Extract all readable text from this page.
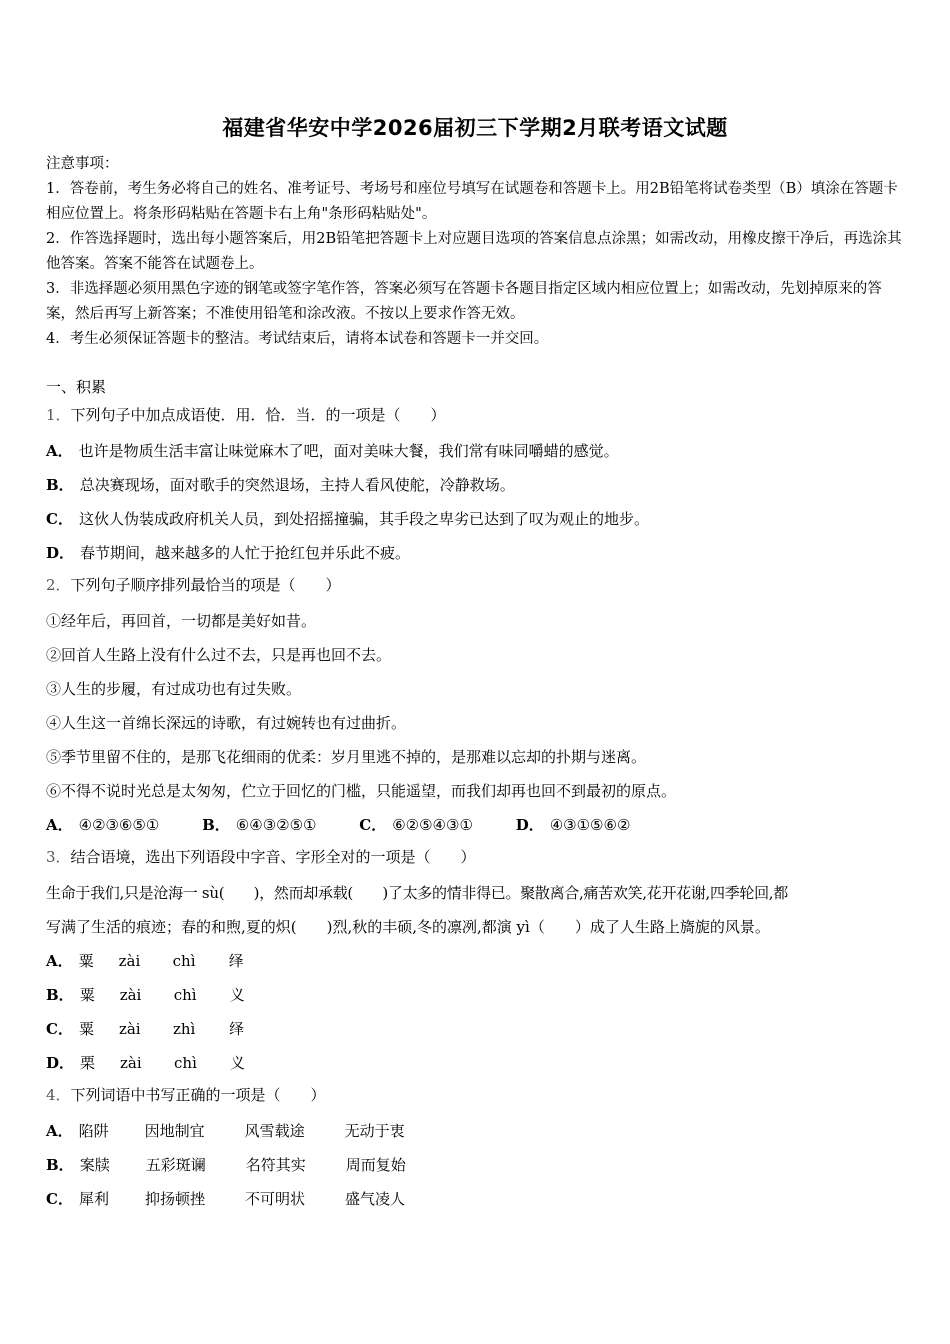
福建省华安中学2026届初三下学期2月联考语文试题

注意事项：

1．答卷前，考生务必将自己的姓名、准考证号、考场号和座位号填写在试题卷和答题卡上。用2B铅笔将试卷类型（B）填涂在答题卡相应位置上。将条形码粘贴在答题卡右上角"条形码粘贴处"。

2．作答选择题时，选出每小题答案后，用2B铅笔把答题卡上对应题目选项的答案信息点涂黑；如需改动，用橡皮擦干净后，再选涂其他答案。答案不能答在试题卷上。

3．非选择题必须用黑色字迹的钢笔或签字笔作答，答案必须写在答题卡各题目指定区域内相应位置上；如需改动，先划掉原来的答案，然后再写上新答案；不准使用铅笔和涂改液。不按以上要求作答无效。

4．考生必须保证答题卡的整洁。考试结束后，请将本试卷和答题卡一并交回。

一、积累
1．下列句子中加点成语使．用．恰．当．的一项是（　　）
A． 也许是物质生活丰富让味觉麻木了吧，面对美味大餐，我们常有味同嚼蜡的感觉。
B． 总决赛现场，面对歌手的突然退场，主持人看风使舵，冷静救场。
C． 这伙人伪装成政府机关人员，到处招摇撞骗，其手段之卑劣已达到了叹为观止的地步。
D． 春节期间，越来越多的人忙于抢红包并乐此不疲。
2．下列句子顺序排列最恰当的项是（　　）
①经年后，再回首，一切都是美好如昔。
②回首人生路上没有什么过不去，只是再也回不去。
③人生的步履，有过成功也有过失败。
④人生这一首绵长深远的诗歌，有过婉转也有过曲折。
⑤季节里留不住的，是那飞花细雨的优柔：岁月里逃不掉的，是那难以忘却的扑期与迷离。
⑥不得不说时光总是太匆匆，伫立于回忆的门槛，只能遥望，而我们却再也回不到最初的原点。
A． ④②③⑥⑤①	B． ⑥④③②⑤①	C． ⑥②⑤④③①	D． ④③①⑤⑥②
3．结合语境，选出下列语段中字音、字形全对的一项是（　　）
生命于我们,只是沧海一 sù(　　)，然而却承载(　　)了太多的情非得已。聚散离合,痛苦欢笑,花开花谢,四季轮回,都
写满了生活的痕迹；春的和煦,夏的炽(　　)烈,秋的丰硕,冬的凛冽,都演 yì（　　）成了人生路上旖旎的风景。
A． 粟 zài chì 绎
B． 粟 zài chì 义
C． 粟 zài zhì 绎
D． 栗 zài chì 义
4．下列词语中书写正确的一项是（　　）
A． 陷阱 因地制宜	风雪载途	无动于衷
B． 案牍 五彩斑谰	名符其实	周而复始
C． 犀利 抑扬顿挫	不可明状	盛气凌人
